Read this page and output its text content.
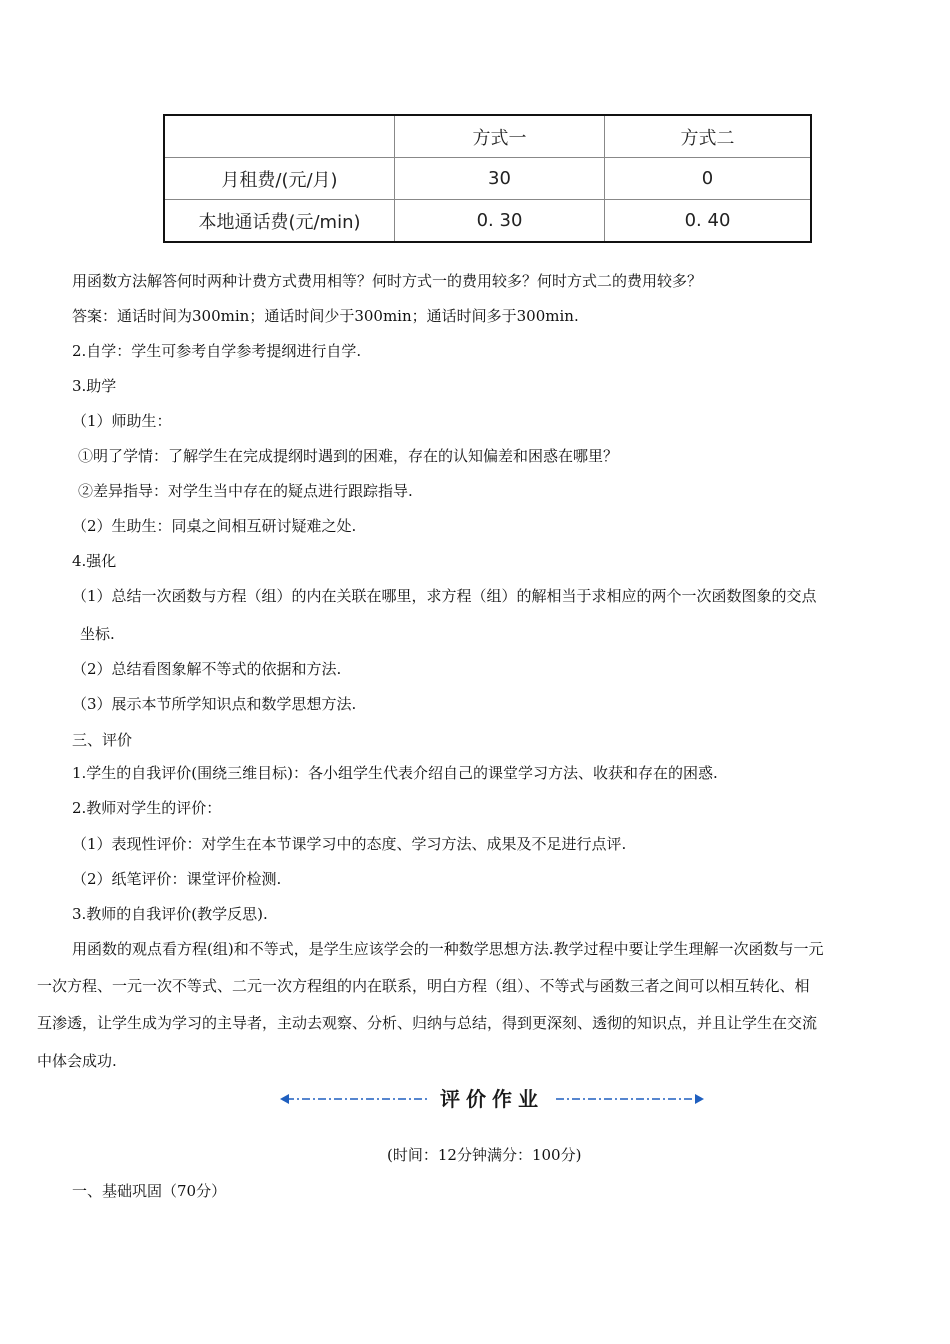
	方式一	方式二
月租费/(元/月)	30	0
本地通话费(元/min)	0. 30	0. 40
用函数方法解答何时两种计费方式费用相等？何时方式一的费用较多？何时方式二的费用较多？
答案：通话时间为300min；通话时间少于300min；通话时间多于300min.
2.自学：学生可参考自学参考提纲进行自学.
3.助学
（1）师助生：
①明了学情：了解学生在完成提纲时遇到的困难，存在的认知偏差和困惑在哪里？
②差异指导：对学生当中存在的疑点进行跟踪指导.
（2）生助生：同桌之间相互研讨疑难之处.
4.强化
（1）总结一次函数与方程（组）的内在关联在哪里，求方程（组）的解相当于求相应的两个一次函数图象的交点
坐标.
（2）总结看图象解不等式的依据和方法.
（3）展示本节所学知识点和数学思想方法.
三、评价
1.学生的自我评价(围绕三维目标)：各小组学生代表介绍自己的课堂学习方法、收获和存在的困惑.
2.教师对学生的评价：
（1）表现性评价：对学生在本节课学习中的态度、学习方法、成果及不足进行点评.
（2）纸笔评价：课堂评价检测.
3.教师的自我评价(教学反思).
用函数的观点看方程(组)和不等式，是学生应该学会的一种数学思想方法.教学过程中要让学生理解一次函数与一元
一次方程、一元一次不等式、二元一次方程组的内在联系，明白方程（组）、不等式与函数三者之间可以相互转化、相
互渗透，让学生成为学习的主导者，主动去观察、分析、归纳与总结，得到更深刻、透彻的知识点，并且让学生在交流
中体会成功.
评价作业
(时间：12分钟满分：100分)
一、基础巩固（70分）
